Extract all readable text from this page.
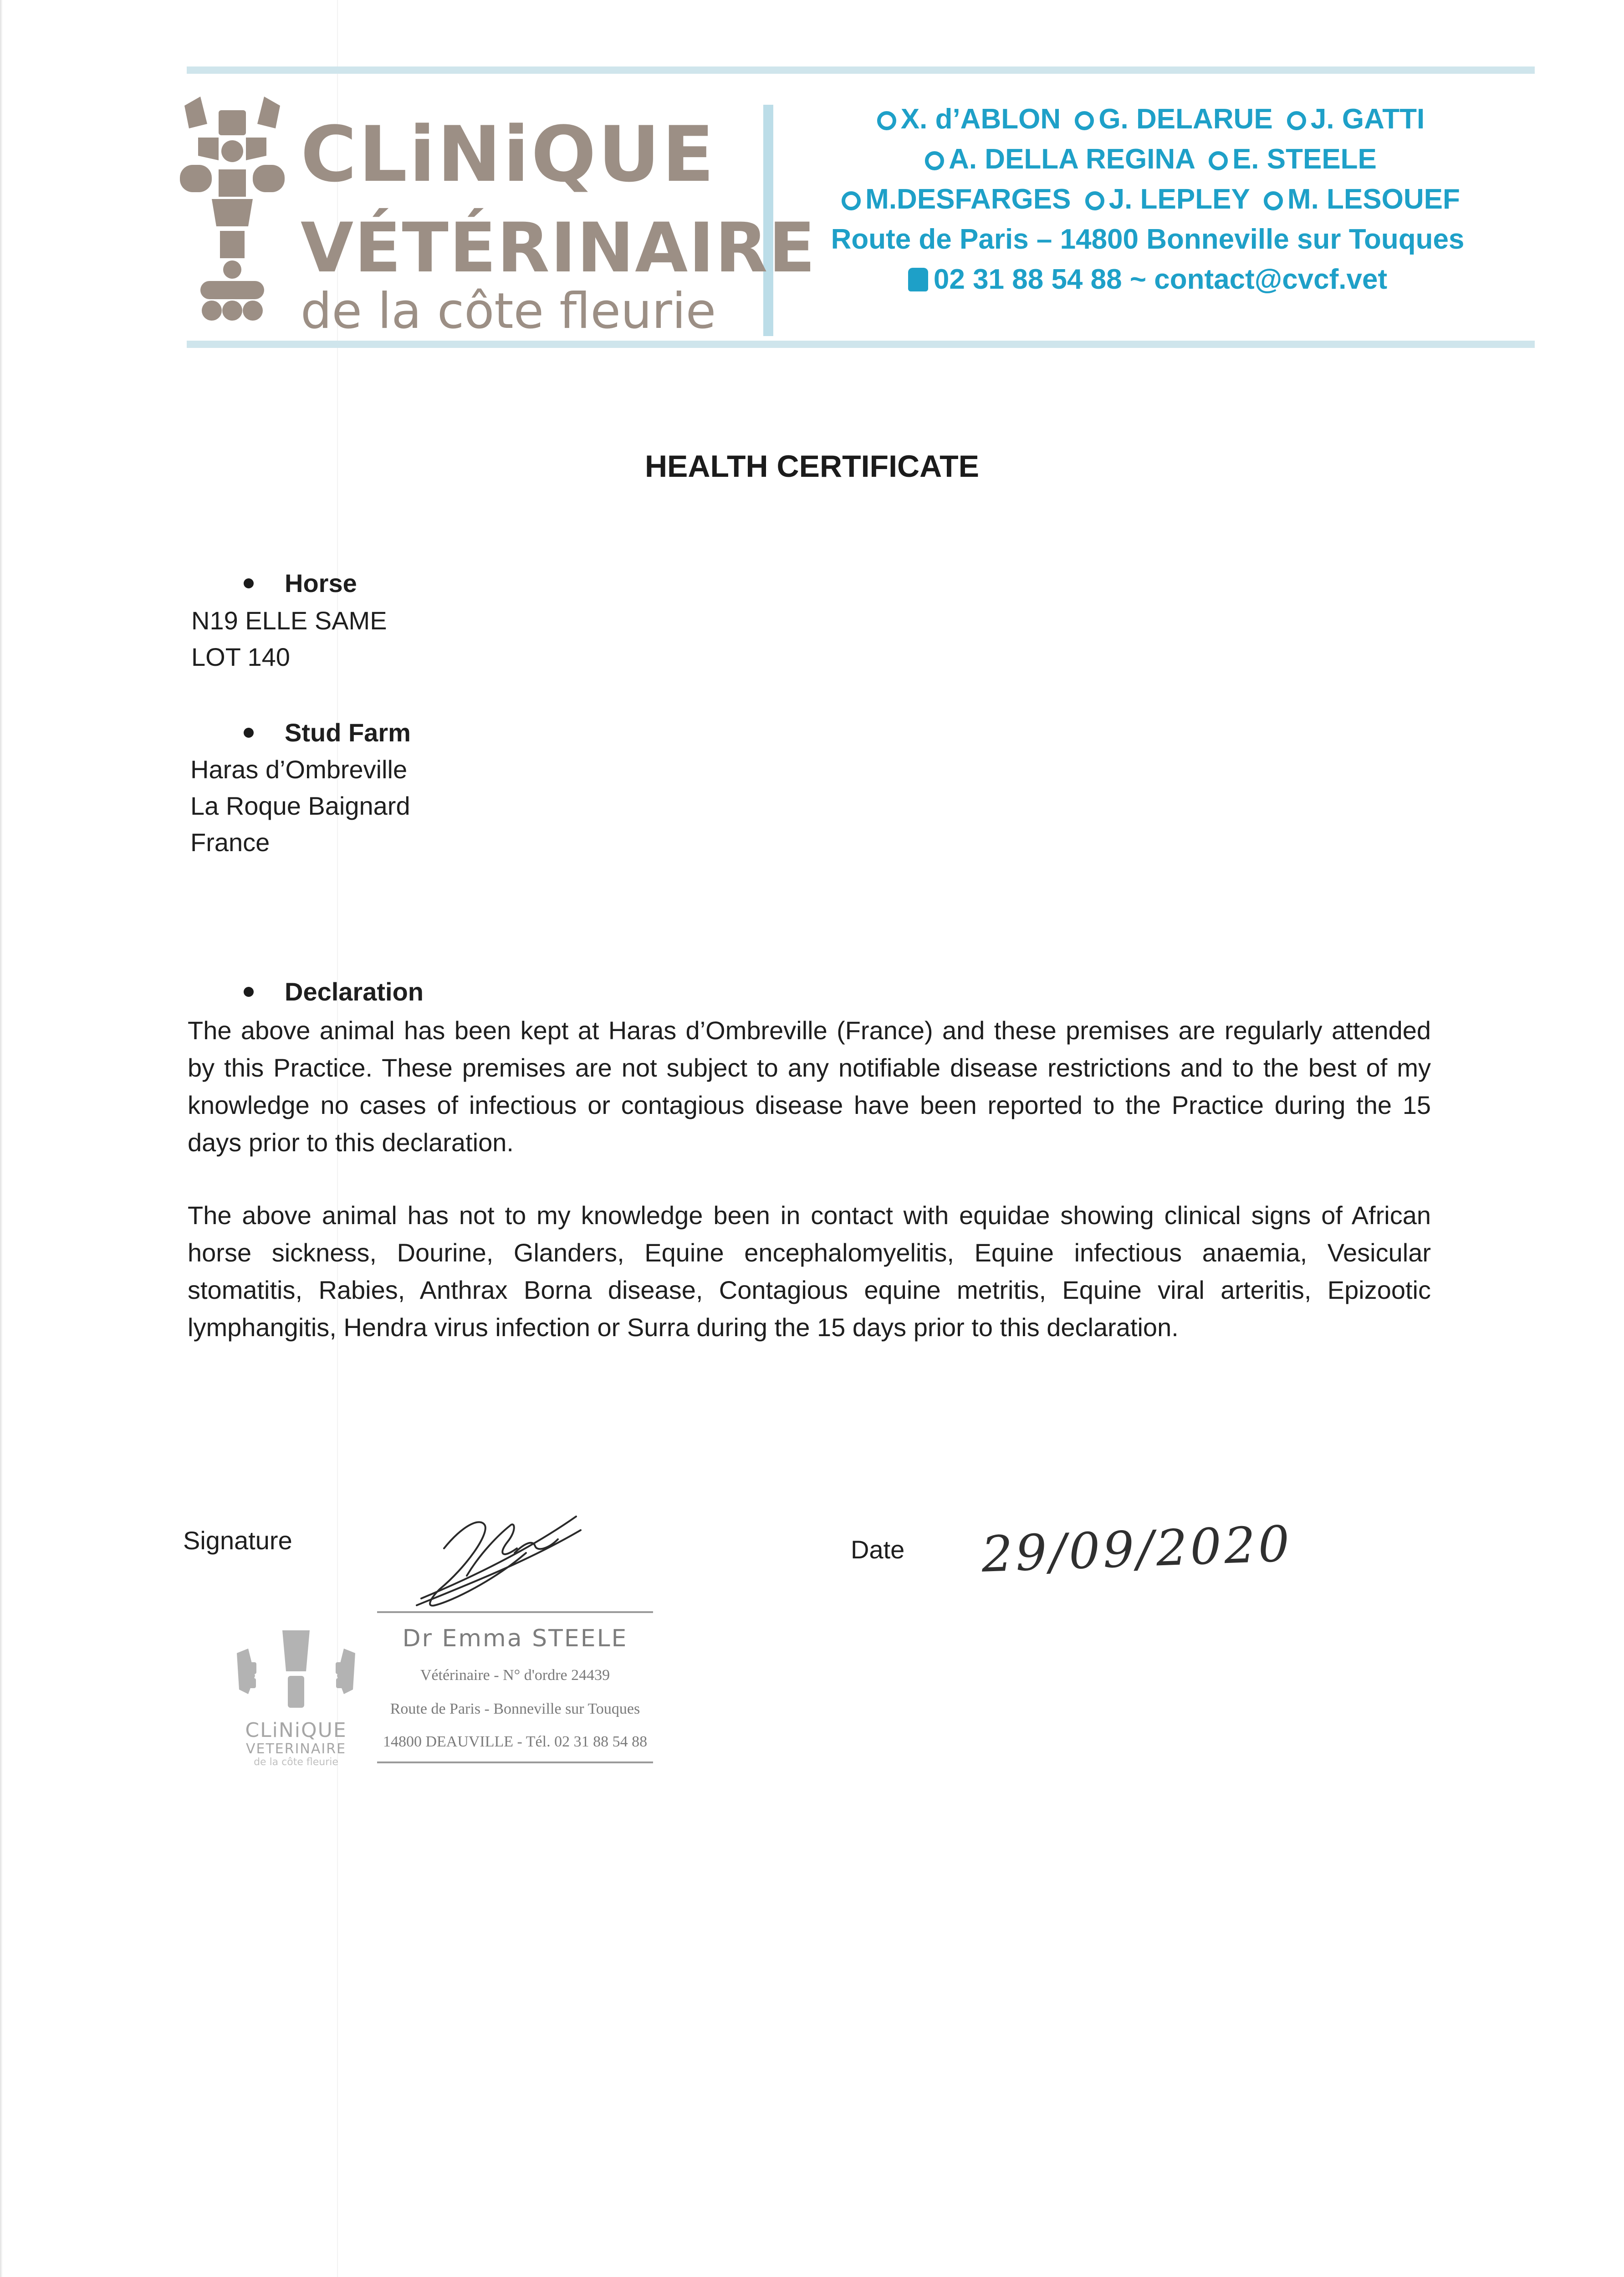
CLiNiQUE
VÉTÉRINAIRE
de la côte fleurie
X. d’ABLON G. DELARUE J. GATTI
A. DELLA REGINA E. STEELE
M.DESFARGES J. LEPLEY M. LESOUEF
Route de Paris – 14800 Bonneville sur Touques
02 31 88 54 88 ~ contact@cvcf.vet
HEALTH CERTIFICATE
Horse
N19 ELLE SAME
LOT 140
Stud Farm
Haras d’Ombreville
La Roque Baignard
France
Declaration
The above animal has been kept at Haras d’Ombreville (France) and these premises are regularly attended by this Practice. These premises are not subject to any notifiable disease restrictions and to the best of my knowledge no cases of infectious or contagious disease have been reported to the Practice during the 15 days prior to this declaration.
The above animal has not to my knowledge been in contact with equidae showing clinical signs of African horse sickness, Dourine, Glanders, Equine encephalomyelitis, Equine infectious anaemia, Vesicular stomatitis, Rabies, Anthrax Borna disease, Contagious equine metritis, Equine viral arteritis, Epizootic lymphangitis, Hendra virus infection or Surra during the 15 days prior to this declaration.
Signature
Dr Emma STEELE
Vétérinaire - N° d'ordre 24439
Route de Paris - Bonneville sur Touques
14800 DEAUVILLE - Tél. 02 31 88 54 88
CLiNiQUE
VETERINAIRE
de la côte fleurie
Date 29/09/2020
